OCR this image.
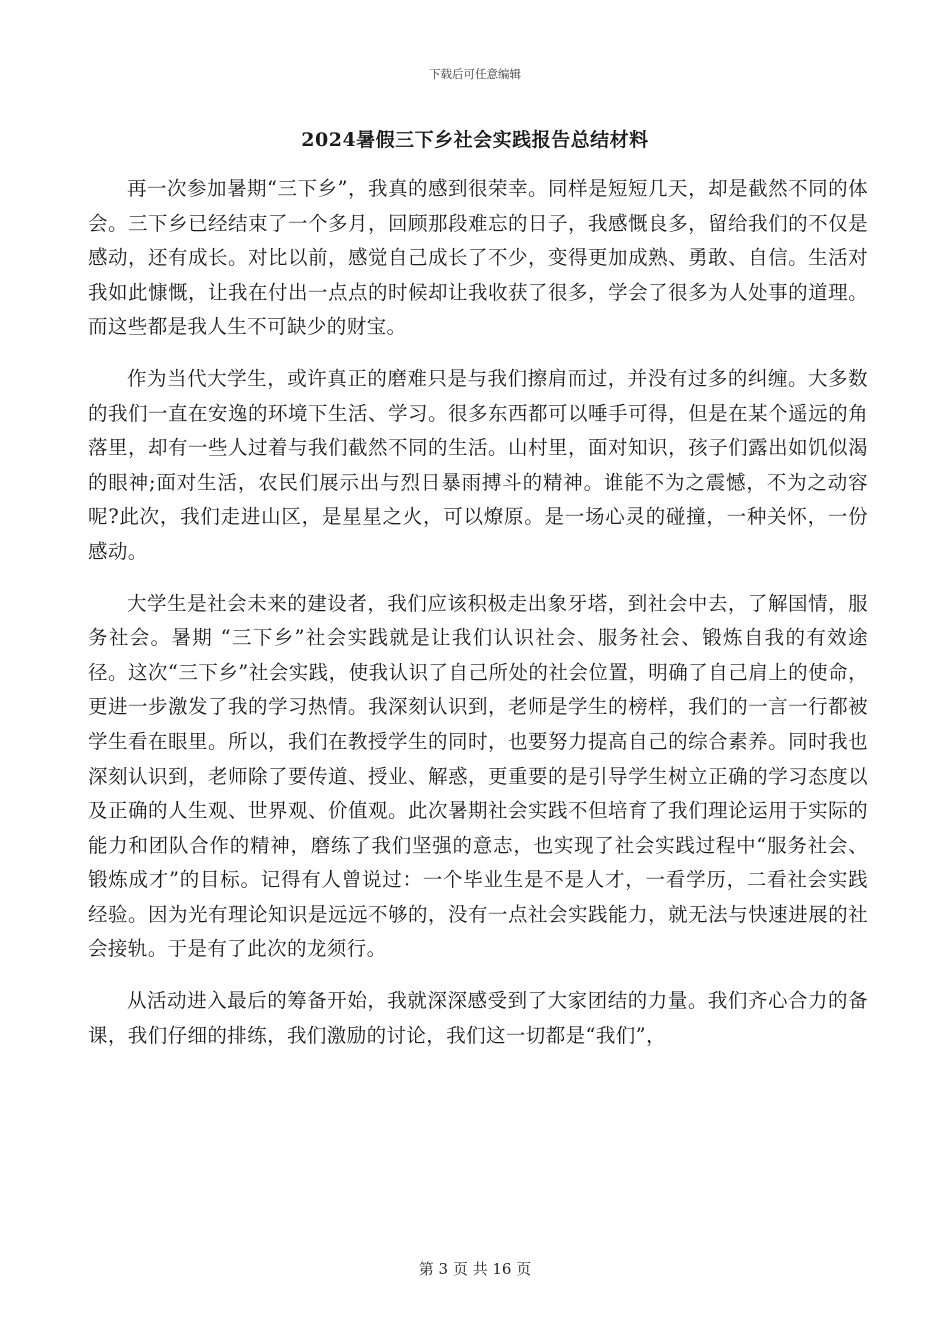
下载后可任意编辑
2024暑假三下乡社会实践报告总结材料

再一次参加暑期“三下乡”，我真的感到很荣幸。同样是短短几天，却是截然不同的体会。三下乡已经结束了一个多月，回顾那段难忘的日子，我感慨良多，留给我们的不仅是感动，还有成长。对比以前，感觉自己成长了不少，变得更加成熟、勇敢、自信。生活对我如此慷慨，让我在付出一点点的时候却让我收获了很多，学会了很多为人处事的道理。而这些都是我人生不可缺少的财宝。

作为当代大学生，或许真正的磨难只是与我们擦肩而过，并没有过多的纠缠。大多数的我们一直在安逸的环境下生活、学习。很多东西都可以唾手可得，但是在某个遥远的角落里，却有一些人过着与我们截然不同的生活。山村里，面对知识，孩子们露出如饥似渴的眼神;面对生活，农民们展示出与烈日暴雨搏斗的精神。谁能不为之震憾，不为之动容呢?此次，我们走进山区，是星星之火，可以燎原。是一场心灵的碰撞，一种关怀，一份感动。

大学生是社会未来的建设者，我们应该积极走出象牙塔，到社会中去，了解国情，服务社会。暑期 “三下乡”社会实践就是让我们认识社会、服务社会、锻炼自我的有效途径。这次“三下乡”社会实践，使我认识了自己所处的社会位置，明确了自己肩上的使命，更进一步激发了我的学习热情。我深刻认识到，老师是学生的榜样，我们的一言一行都被学生看在眼里。所以，我们在教授学生的同时，也要努力提高自己的综合素养。同时我也深刻认识到，老师除了要传道、授业、解惑，更重要的是引导学生树立正确的学习态度以及正确的人生观、世界观、价值观。此次暑期社会实践不但培育了我们理论运用于实际的能力和团队合作的精神，磨练了我们坚强的意志，也实现了社会实践过程中“服务社会、锻炼成才”的目标。记得有人曾说过：一个毕业生是不是人才，一看学历，二看社会实践经验。因为光有理论知识是远远不够的，没有一点社会实践能力，就无法与快速进展的社会接轨。于是有了此次的龙须行。

从活动进入最后的筹备开始，我就深深感受到了大家团结的力量。我们齐心合力的备课，我们仔细的排练，我们激励的讨论，我们这一切都是“我们”，

第 3 页 共 16 页
